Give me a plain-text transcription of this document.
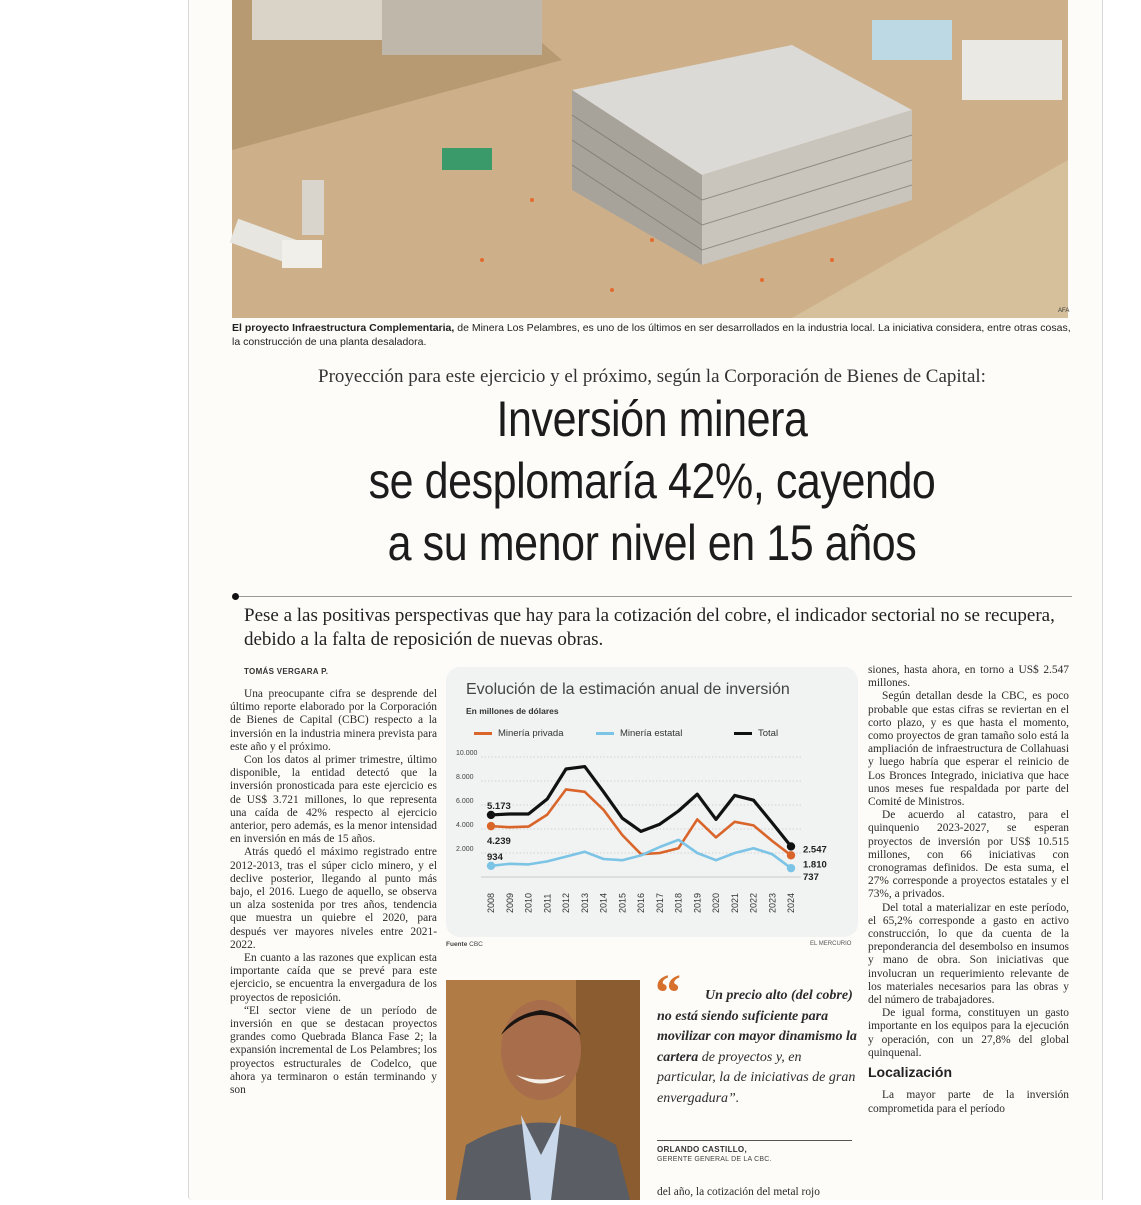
AFA
El proyecto Infraestructura Complementaria, de Minera Los Pelambres, es uno de los últimos en ser desarrollados en la industria local. La iniciativa considera, entre otras cosas, la construcción de una planta desaladora.
Proyección para este ejercicio y el próximo, según la Corporación de Bienes de Capital:
Inversión minera
se desplomaría 42%, cayendo
a su menor nivel en 15 años
Pese a las positivas perspectivas que hay para la cotización del cobre, el indicador sectorial no se recupera, debido a la falta de reposición de nuevas obras.
TOMÁS VERGARA P.

Una preocupante cifra se desprende del último reporte elaborado por la Corporación de Bienes de Capital (CBC) respecto a la inversión en la industria minera prevista para este año y el próximo.

Con los datos al primer trimestre, último disponible, la entidad detectó que la inversión pronosticada para este ejercicio es de US$ 3.721 millones, lo que representa una caída de 42% respecto al ejercicio anterior, pero además, es la menor intensidad en inversión en más de 15 años.

Atrás quedó el máximo registrado entre 2012-2013, tras el súper ciclo minero, y el declive posterior, llegando al punto más bajo, el 2016. Luego de aquello, se observa un alza sostenida por tres años, tendencia que muestra un quiebre el 2020, para después ver mayores niveles entre 2021-2022.

En cuanto a las razones que explican esta importante caída que se prevé para este ejercicio, se encuentra la envergadura de los proyectos de reposición.

“El sector viene de un período de inversión en que se destacan proyectos grandes como Quebrada Blanca Fase 2; la expansión incremental de Los Pelambres; los proyectos estructurales de Codelco, que ahora ya terminaron o están terminando y son

siones, hasta ahora, en torno a US$ 2.547 millones.

Según detallan desde la CBC, es poco probable que estas cifras se reviertan en el corto plazo, y es que hasta el momento, como proyectos de gran tamaño solo está la ampliación de infraestructura de Collahuasi y luego habría que esperar el reinicio de Los Bronces Integrado, iniciativa que hace unos meses fue respaldada por parte del Comité de Ministros.

De acuerdo al catastro, para el quinquenio 2023-2027, se esperan proyectos de inversión por US$ 10.515 millones, con 66 iniciativas con cronogramas definidos. De esta suma, el 27% corresponde a proyectos estatales y el 73%, a privados.

Del total a materializar en este período, el 65,2% corresponde a gasto en activo construcción, lo que da cuenta de la preponderancia del desembolso en insumos y mano de obra. Son iniciativas que involucran un requerimiento relevante de los materiales necesarios para las obras y del número de trabajadores.

De igual forma, constituyen un gasto importante en los equipos para la ejecución y operación, con un 27,8% del global quinquenal.

Localización

La mayor parte de la inversión comprometida para el período

Evolución de la estimación anual de inversión
En millones de dólares
Minería privada	Minería estatal	Total
2.000
4.000
6.000
8.000
10.000
2008 2009 2010 2011 2012 2013 2014 2015 2016 2017 2018 2019 2020 2021 2022 2023 2024
5.173
4.239
934
2.547
1.810
737
Fuente CBC	EL MERCURIO
“	Un precio alto (del cobre) no está siendo suficiente para movilizar con mayor dinamismo la cartera de proyectos y, en particular, la de iniciativas de gran envergadura”.
ORLANDO CASTILLO,
GERENTE GENERAL DE LA CBC.
del año, la cotización del metal rojo
